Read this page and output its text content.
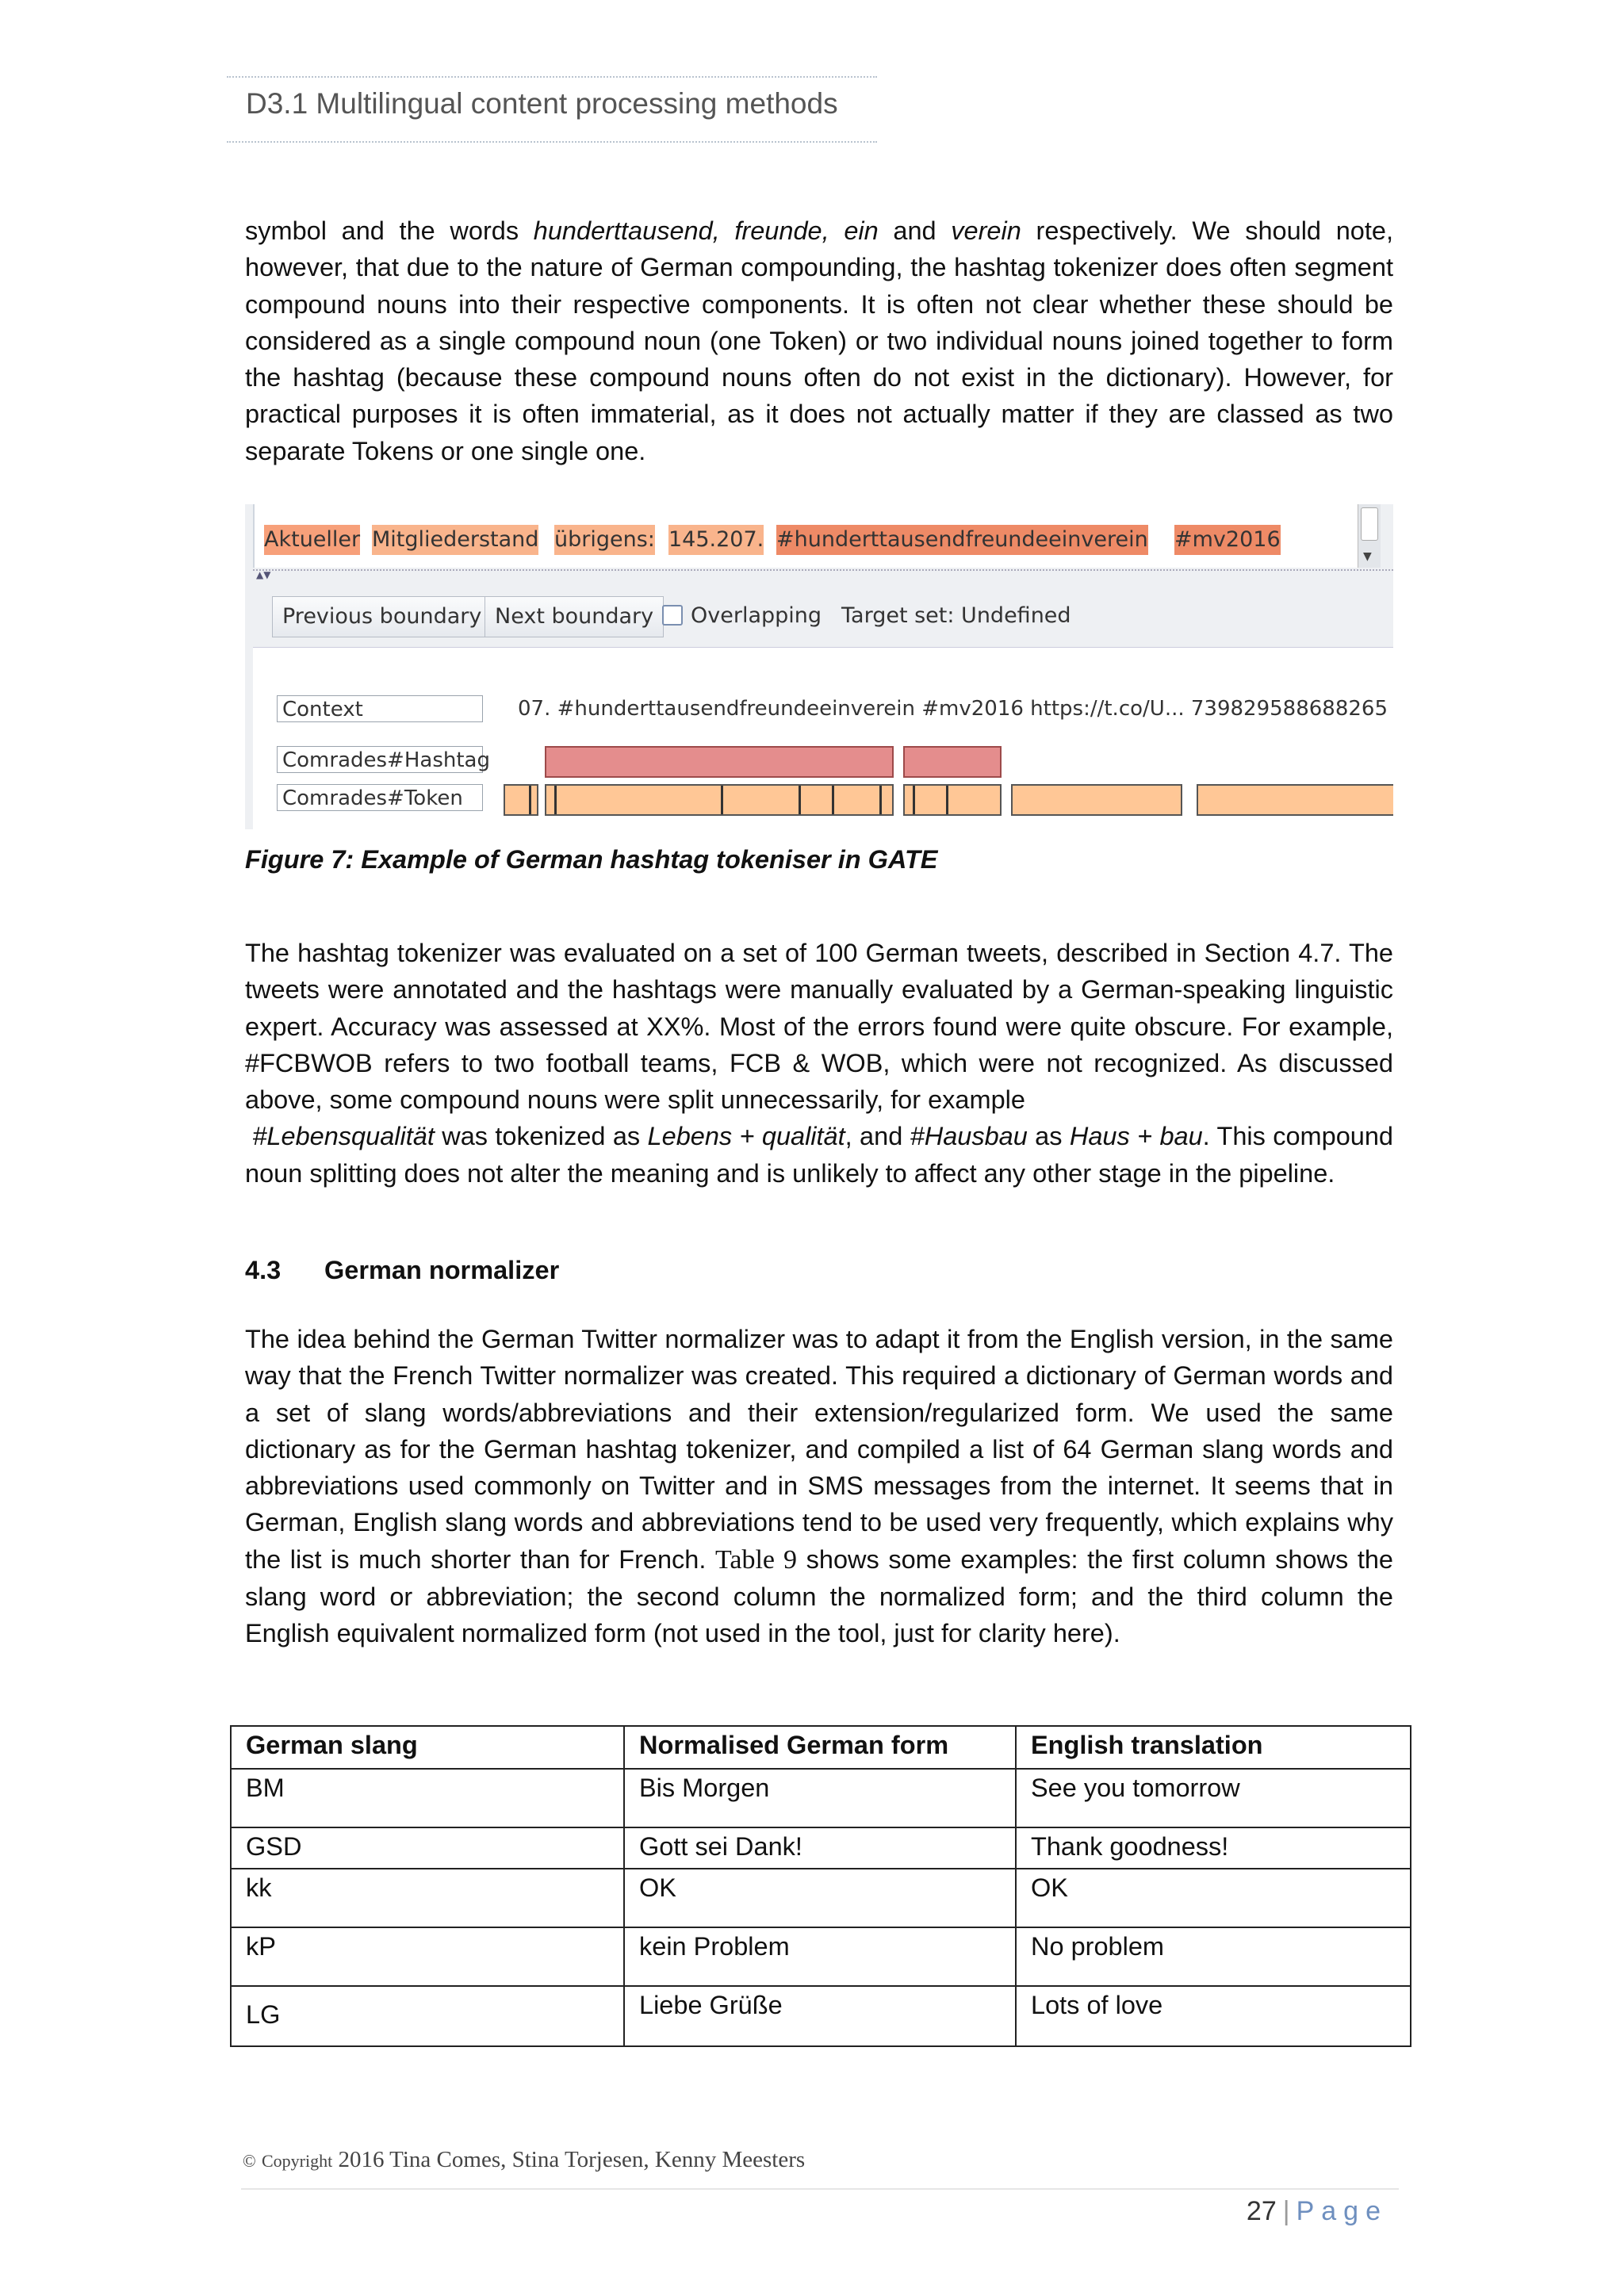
D3.1 Multilingual content processing methods
symbol and the words hunderttausend, freunde, ein and verein respectively. We should note, however, that due to the nature of German compounding, the hashtag tokenizer does often segment compound nouns into their respective components. It is often not clear whether these should be considered as a single compound noun (one Token) or two individual nouns joined together to form the hashtag (because these compound nouns often do not exist in the dictionary). However, for practical purposes it is often immaterial, as it does not actually matter if they are classed as two separate Tokens or one single one.
Aktueller Mitgliederstand übrigens: 145.207. #hunderttausendfreundeeinverein #mv2016
▼
▲▼
Previous boundary Next boundary	Overlapping Target set: Undefined
Context	07. #hunderttausendfreundeeinverein #mv2016 https://t.co/U... 739829588688265
Comrades#Hashtag
Comrades#Token
Figure 7: Example of German hashtag tokeniser in GATE
The hashtag tokenizer was evaluated on a set of 100 German tweets, described in Section 4.7. The tweets were annotated and the hashtags were manually evaluated by a German-speaking linguistic expert. Accuracy was assessed at XX%. Most of the errors found were quite obscure. For example, #FCBWOB refers to two football teams, FCB & WOB, which were not recognized. As discussed above, some compound nouns were split unnecessarily, for example
#Lebensqualität was tokenized as Lebens + qualität, and #Hausbau as Haus + bau. This compound noun splitting does not alter the meaning and is unlikely to affect any other stage in the pipeline.
4.3 German normalizer
The idea behind the German Twitter normalizer was to adapt it from the English version, in the same way that the French Twitter normalizer was created. This required a dictionary of German words and a set of slang words/abbreviations and their extension/regularized form. We used the same dictionary as for the German hashtag tokenizer, and compiled a list of 64 German slang words and abbreviations used commonly on Twitter and in SMS messages from the internet. It seems that in German, English slang words and abbreviations tend to be used very frequently, which explains why the list is much shorter than for French. Table 9 shows some examples: the first column shows the slang word or abbreviation; the second column the normalized form; and the third column the English equivalent normalized form (not used in the tool, just for clarity here).
German slang	Normalised German form	English translation
BM	Bis Morgen	See you tomorrow
GSD	Gott sei Dank!	Thank goodness!
kk	OK	OK
kP	kein Problem	No problem
LG	Liebe Grüße	Lots of love
© Copyright 2016 Tina Comes, Stina Torjesen, Kenny Meesters
27 | Page
